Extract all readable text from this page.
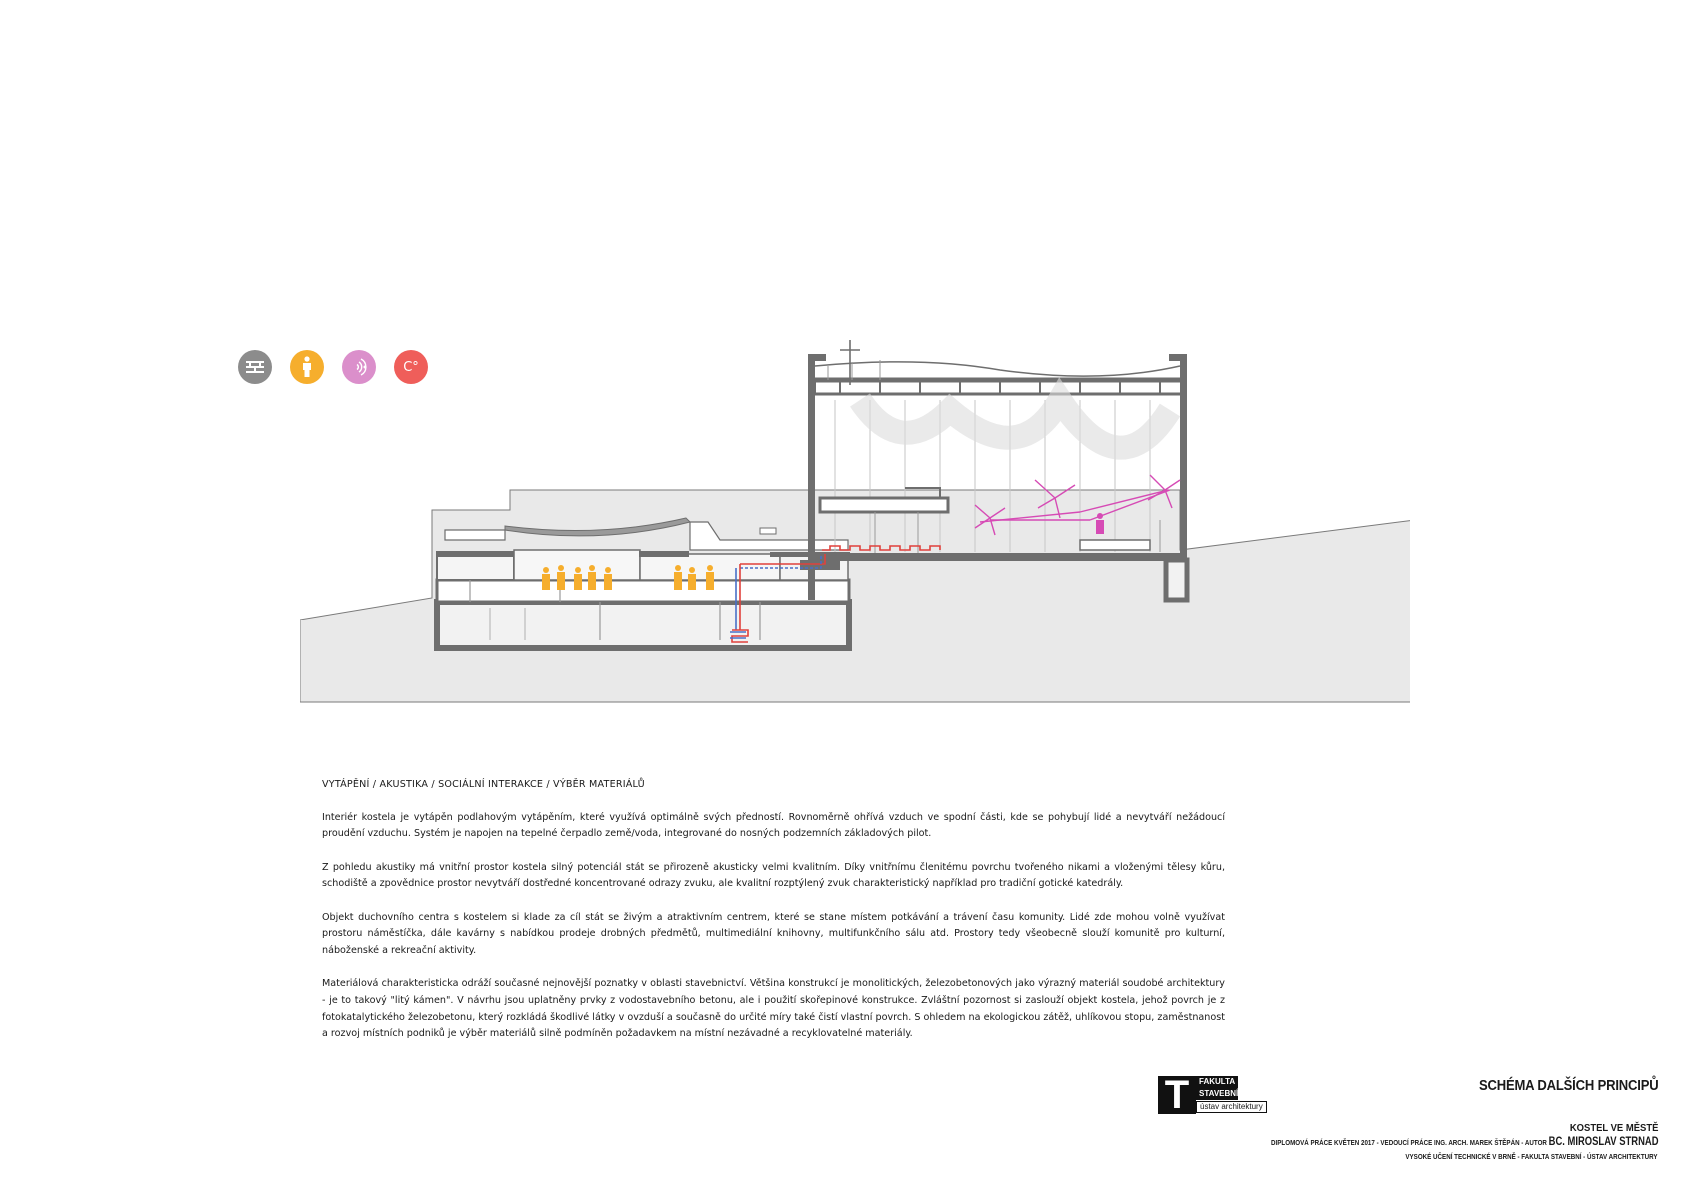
C°
VYTÁPĚNÍ / AKUSTIKA / SOCIÁLNÍ INTERAKCE / VÝBĚR MATERIÁLŮ

Interiér kostela je vytápěn podlahovým vytápěním, které využívá optimálně svých předností. Rovnoměrně ohřívá vzduch ve spodní části, kde se pohybují lidé a nevytváří nežádoucí proudění vzduchu. Systém je napojen na tepelné čerpadlo země/voda, integrované do nosných podzemních základových pilot.

Z pohledu akustiky má vnitřní prostor kostela silný potenciál stát se přirozeně akusticky velmi kvalitním. Díky vnitřnímu členitému povrchu tvořeného nikami a vloženými tělesy kůru, schodiště a zpovědnice prostor nevytváří dostředné koncentrované odrazy zvuku, ale kvalitní rozptýlený zvuk charakteristický například pro tradiční gotické katedrály.

Objekt duchovního centra s kostelem si klade za cíl stát se živým a atraktivním centrem, které se stane místem potkávání a trávení času komunity. Lidé zde mohou volně využívat prostoru náměstíčka, dále kavárny s nabídkou prodeje drobných předmětů, multimediální knihovny, multifunkčního sálu atd. Prostory tedy všeobecně slouží komunitě pro kulturní, náboženské a rekreační aktivity.

Materiálová charakteristicka odráží současné nejnovější poznatky v oblasti stavebnictví. Většina konstrukcí je monolitických, železobetonových jako výrazný materiál soudobé architektury - je to takový "litý kámen". V návrhu jsou uplatněny prvky z vodostavebního betonu, ale i použití skořepinové konstrukce. Zvláštní pozornost si zaslouží objekt kostela, jehož povrch je z fotokatalytického železobetonu, který rozkládá škodlivé látky v ovzduší a současně do určité míry také čistí vlastní povrch. S ohledem na ekologickou zátěž, uhlíkovou stopu, zaměstnanost a rozvoj místních podniků je výběr materiálů silně podmíněn požadavkem na místní nezávadné a recyklovatelné materiály.

T	FAKULTA
STAVEBNÍ
ústav architektury
SCHÉMA DALŠÍCH PRINCIPŮ
KOSTEL VE MĚSTĚ
DIPLOMOVÁ PRÁCE KVĚTEN 2017 - VEDOUCÍ PRÁCE ING. ARCH. MAREK ŠTĚPÁN - AUTOR BC. MIROSLAV STRNAD
VYSOKÉ UČENÍ TECHNICKÉ V BRNĚ - FAKULTA STAVEBNÍ - ÚSTAV ARCHITEKTURY
